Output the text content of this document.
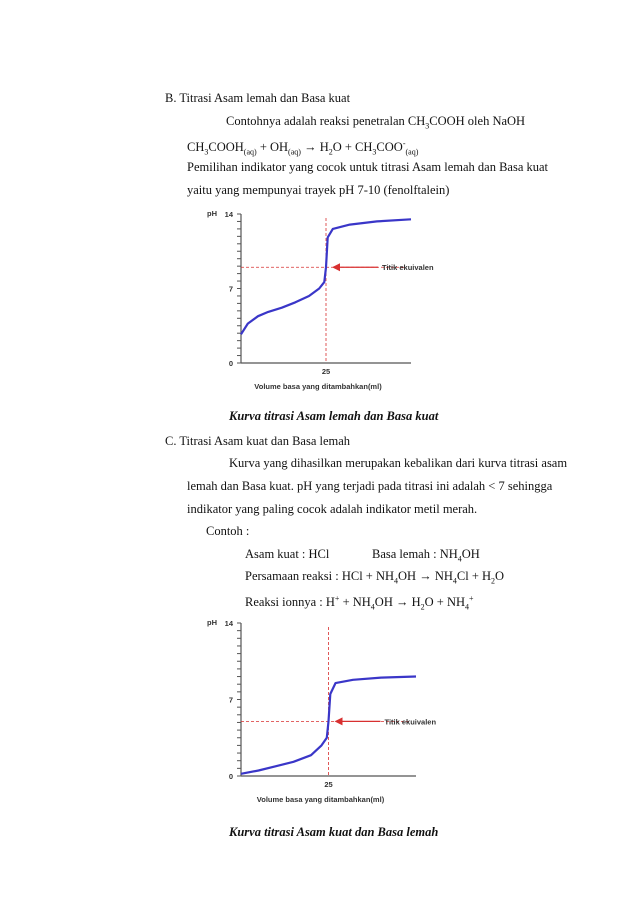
B. Titrasi Asam lemah dan Basa kuat
Contohnya adalah reaksi penetralan $CH_3COOH$ oleh NaOH
$CH_3COOH_{(aq)} + OH_{(aq)} \to H_2O + CH_3COO^-_{(aq)}$
Pemilihan indikator yang cocok untuk titrasi Asam lemah dan Basa kuat
yaitu yang mempunyai trayek pH 7-10 (fenolftalein)
0
7
14
pH
Titik ekuivalen
25
Volume basa yang ditambahkan(ml)
Kurva titrasi Asam lemah dan Basa kuat
C. Titrasi Asam kuat dan Basa lemah
Kurva yang dihasilkan merupakan kebalikan dari kurva titrasi asam
lemah dan Basa kuat. pH yang terjadi pada titrasi ini adalah < 7 sehingga
indikator yang paling cocok adalah indikator metil merah.
Contoh :
Asam kuat : HCl	Basa lemah : $NH_4OH$
Persamaan reaksi : HCl + $NH_4OH \to NH_4Cl + H_2O$
Reaksi ionnya : $H^+ + NH_4OH \to H_2O + NH_4^+$
0
7
14
pH
Titik ekuivalen
25
Volume basa yang ditambahkan(ml)
Kurva titrasi Asam kuat dan Basa lemah
